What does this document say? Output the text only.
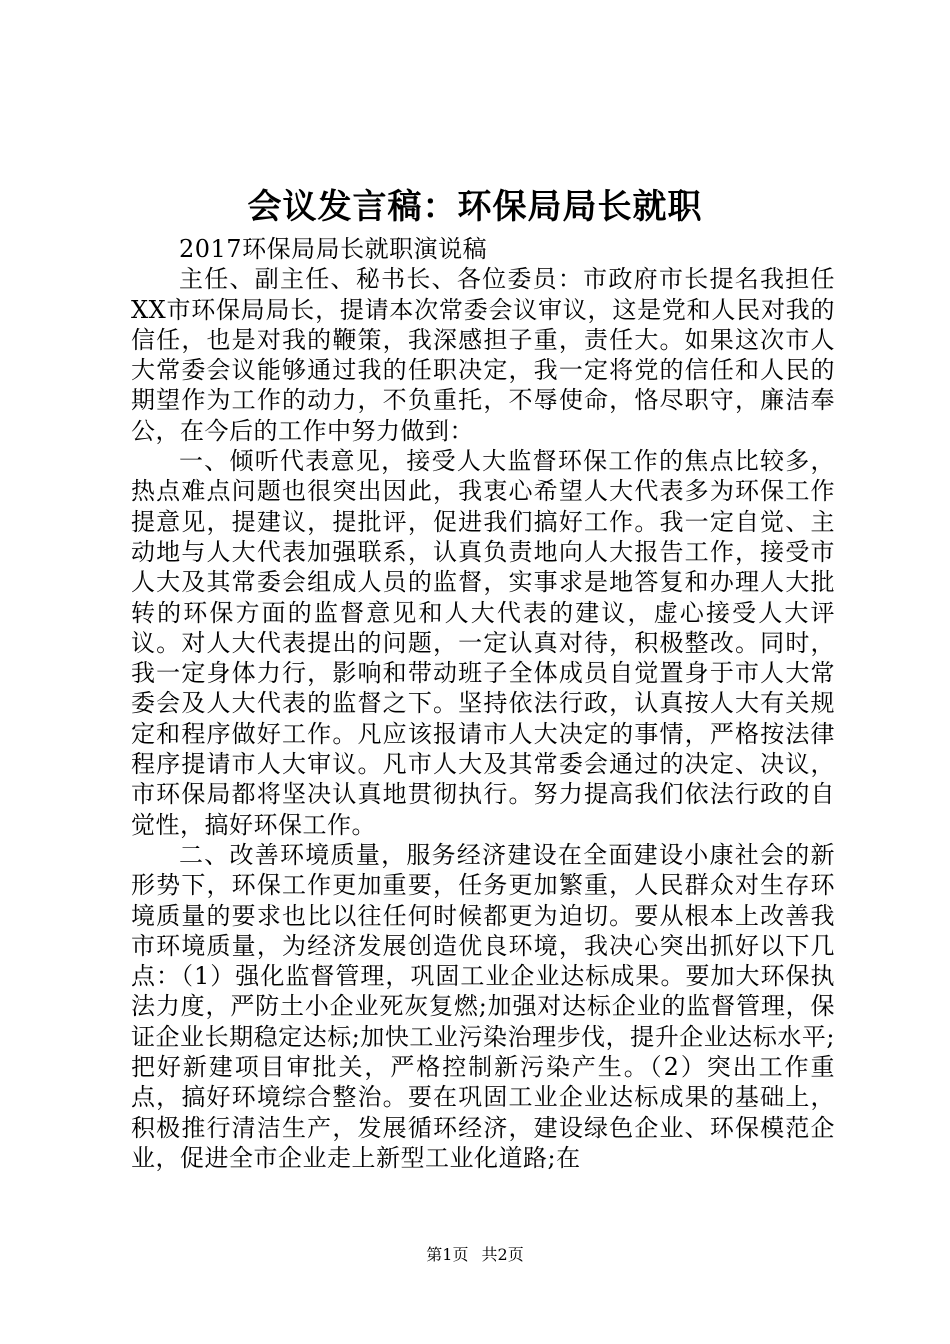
会议发言稿：环保局局长就职

2017环保局局长就职演说稿

主任、副主任、秘书长、各位委员：市政府市长提名我担任XX市环保局局长，提请本次常委会议审议，这是党和人民对我的信任，也是对我的鞭策，我深感担子重，责任大。如果这次市人大常委会议能够通过我的任职决定，我一定将党的信任和人民的期望作为工作的动力，不负重托，不辱使命，恪尽职守，廉洁奉公，在今后的工作中努力做到：

一、倾听代表意见，接受人大监督环保工作的焦点比较多，热点难点问题也很突出因此，我衷心希望人大代表多为环保工作提意见，提建议，提批评，促进我们搞好工作。我一定自觉、主动地与人大代表加强联系，认真负责地向人大报告工作，接受市人大及其常委会组成人员的监督，实事求是地答复和办理人大批转的环保方面的监督意见和人大代表的建议，虚心接受人大评议。对人大代表提出的问题，一定认真对待，积极整改。同时，我一定身体力行，影响和带动班子全体成员自觉置身于市人大常委会及人大代表的监督之下。坚持依法行政，认真按人大有关规定和程序做好工作。凡应该报请市人大决定的事情，严格按法律程序提请市人大审议。凡市人大及其常委会通过的决定、决议，市环保局都将坚决认真地贯彻执行。努力提高我们依法行政的自觉性，搞好环保工作。

二、改善环境质量，服务经济建设在全面建设小康社会的新形势下，环保工作更加重要，任务更加繁重，人民群众对生存环境质量的要求也比以往任何时候都更为迫切。要从根本上改善我市环境质量，为经济发展创造优良环境，我决心突出抓好以下几点：（1）强化监督管理，巩固工业企业达标成果。要加大环保执法力度，严防土小企业死灰复燃;加强对达标企业的监督管理，保证企业长期稳定达标;加快工业污染治理步伐，提升企业达标水平;把好新建项目审批关，严格控制新污染产生。（2）突出工作重点，搞好环境综合整治。要在巩固工业企业达标成果的基础上，积极推行清洁生产，发展循环经济，建设绿色企业、环保模范企业，促进全市企业走上新型工业化道路;在

第1页 共2页
